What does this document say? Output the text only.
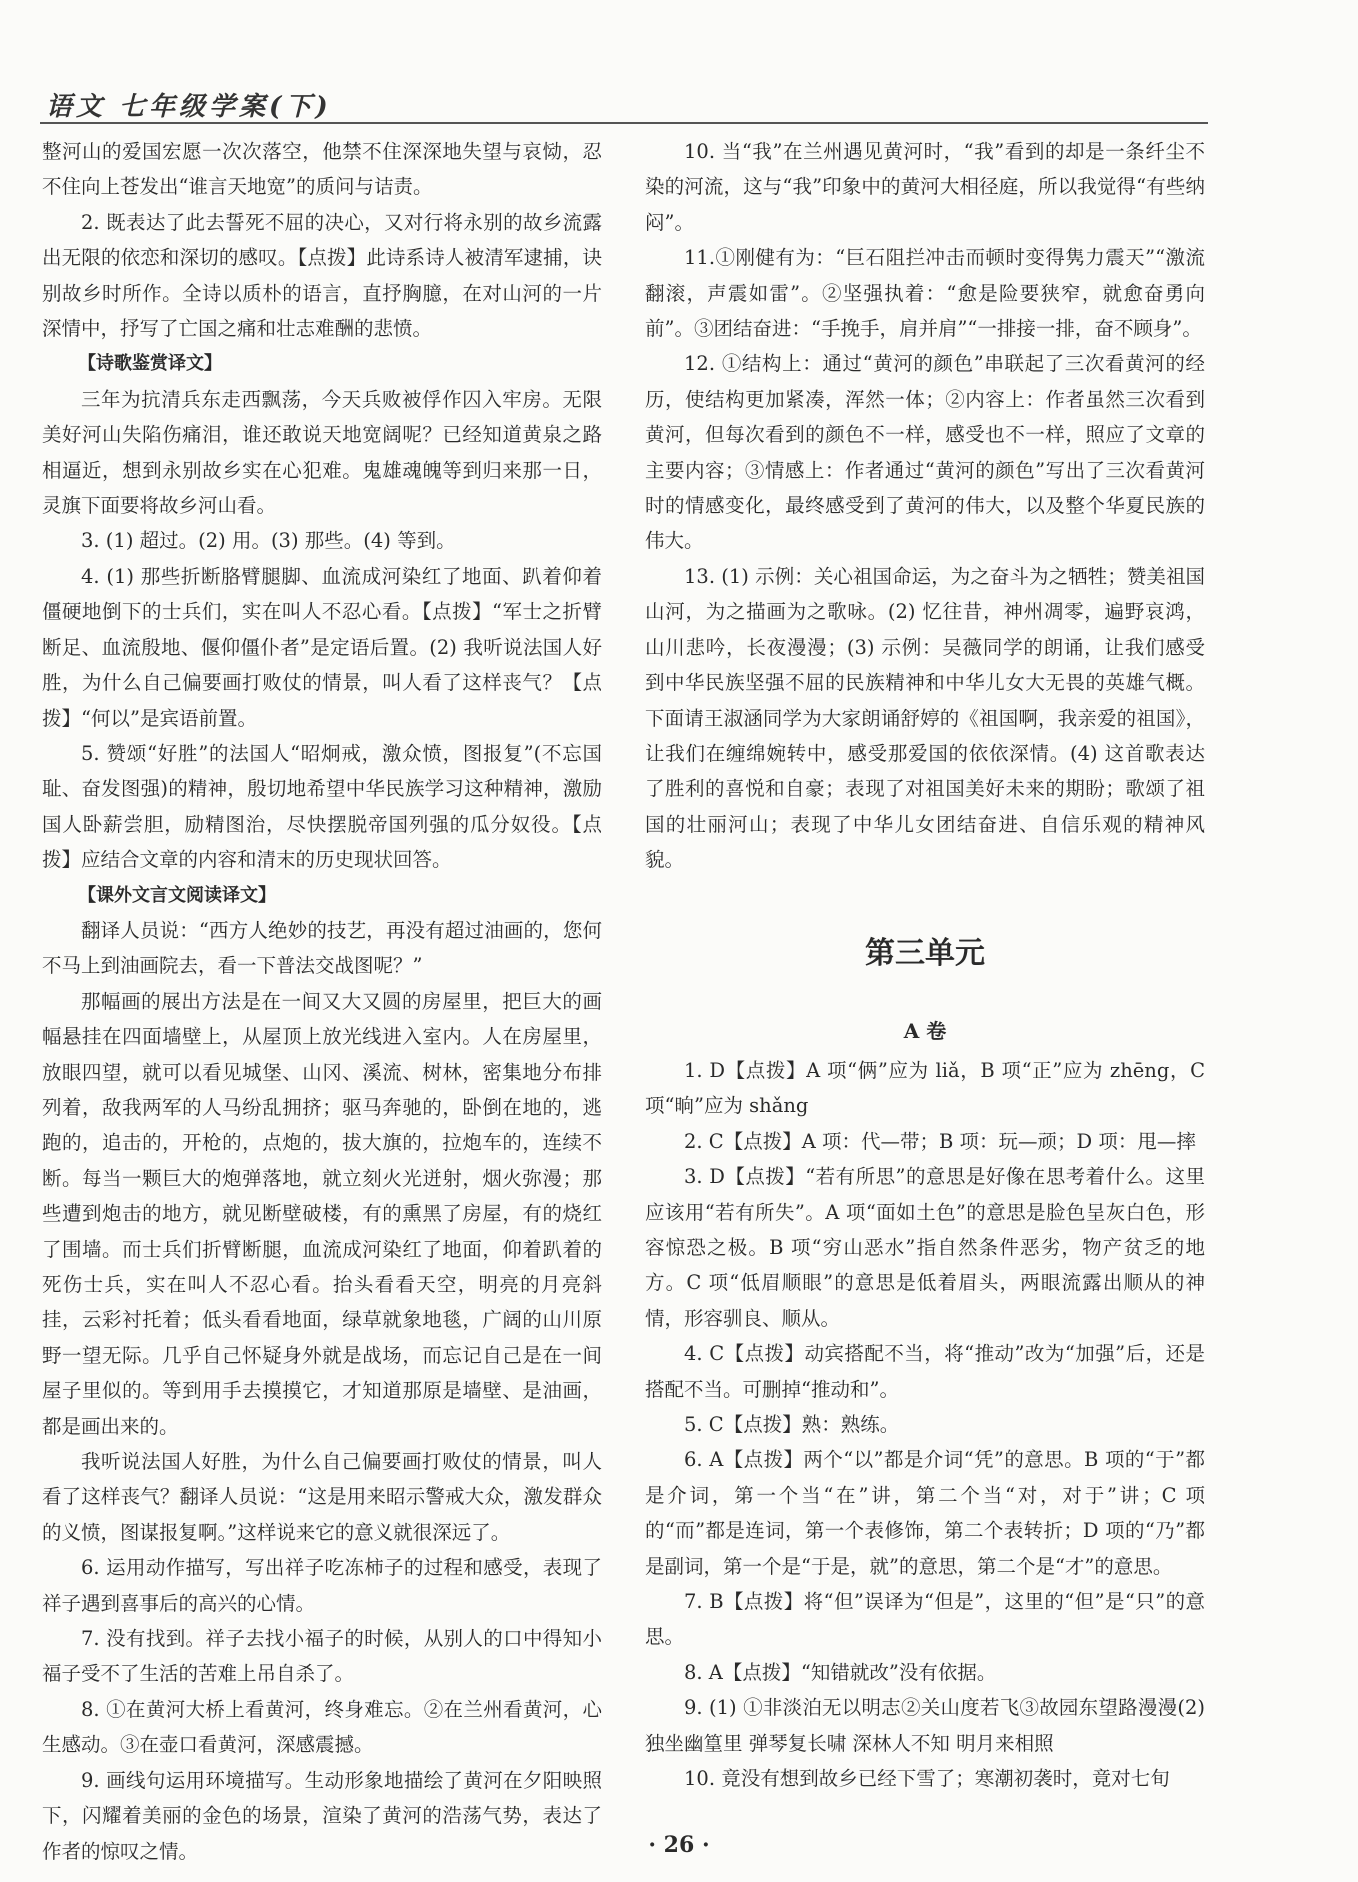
语文 七年级学案(下)

整河山的爱国宏愿一次次落空，他禁不住深深地失望与哀恸，忍不住向上苍发出“谁言天地宽”的质问与诘责。

2. 既表达了此去誓死不屈的决心，又对行将永别的故乡流露出无限的依恋和深切的感叹。【点拨】此诗系诗人被清军逮捕，诀别故乡时所作。全诗以质朴的语言，直抒胸臆，在对山河的一片深情中，抒写了亡国之痛和壮志难酬的悲愤。

【诗歌鉴赏译文】

三年为抗清兵东走西飘荡，今天兵败被俘作囚入牢房。无限美好河山失陷伤痛泪，谁还敢说天地宽阔呢？已经知道黄泉之路相逼近，想到永别故乡实在心犯难。鬼雄魂魄等到归来那一日，灵旗下面要将故乡河山看。

3. (1) 超过。(2) 用。(3) 那些。(4) 等到。

4. (1) 那些折断胳臂腿脚、血流成河染红了地面、趴着仰着僵硬地倒下的士兵们，实在叫人不忍心看。【点拨】“军士之折臂断足、血流殷地、偃仰僵仆者”是定语后置。(2) 我听说法国人好胜，为什么自己偏要画打败仗的情景，叫人看了这样丧气？【点拨】“何以”是宾语前置。

5. 赞颂“好胜”的法国人“昭炯戒，激众愤，图报复”(不忘国耻、奋发图强)的精神，殷切地希望中华民族学习这种精神，激励国人卧薪尝胆，励精图治，尽快摆脱帝国列强的瓜分奴役。【点拨】应结合文章的内容和清末的历史现状回答。

【课外文言文阅读译文】

翻译人员说：“西方人绝妙的技艺，再没有超过油画的，您何不马上到油画院去，看一下普法交战图呢？”

那幅画的展出方法是在一间又大又圆的房屋里，把巨大的画幅悬挂在四面墙壁上，从屋顶上放光线进入室内。人在房屋里，放眼四望，就可以看见城堡、山冈、溪流、树林，密集地分布排列着，敌我两军的人马纷乱拥挤；驱马奔驰的，卧倒在地的，逃跑的，追击的，开枪的，点炮的，拔大旗的，拉炮车的，连续不断。每当一颗巨大的炮弹落地，就立刻火光迸射，烟火弥漫；那些遭到炮击的地方，就见断壁破楼，有的熏黑了房屋，有的烧红了围墙。而士兵们折臂断腿，血流成河染红了地面，仰着趴着的死伤士兵，实在叫人不忍心看。抬头看看天空，明亮的月亮斜挂，云彩衬托着；低头看看地面，绿草就象地毯，广阔的山川原野一望无际。几乎自己怀疑身外就是战场，而忘记自己是在一间屋子里似的。等到用手去摸摸它，才知道那原是墙壁、是油画，都是画出来的。

我听说法国人好胜，为什么自己偏要画打败仗的情景，叫人看了这样丧气？翻译人员说：“这是用来昭示警戒大众，激发群众的义愤，图谋报复啊。”这样说来它的意义就很深远了。

6. 运用动作描写，写出祥子吃冻柿子的过程和感受，表现了祥子遇到喜事后的高兴的心情。

7. 没有找到。祥子去找小福子的时候，从别人的口中得知小福子受不了生活的苦难上吊自杀了。

8. ①在黄河大桥上看黄河，终身难忘。②在兰州看黄河，心生感动。③在壶口看黄河，深感震撼。

9. 画线句运用环境描写。生动形象地描绘了黄河在夕阳映照下，闪耀着美丽的金色的场景，渲染了黄河的浩荡气势，表达了作者的惊叹之情。

10. 当“我”在兰州遇见黄河时，“我”看到的却是一条纤尘不染的河流，这与“我”印象中的黄河大相径庭，所以我觉得“有些纳闷”。

11.①刚健有为：“巨石阻拦冲击而顿时变得隽力震天”“激流翻滚，声震如雷”。②坚强执着：“愈是险要狭窄，就愈奋勇向前”。③团结奋进：“手挽手，肩并肩”“一排接一排，奋不顾身”。

12. ①结构上：通过“黄河的颜色”串联起了三次看黄河的经历，使结构更加紧凑，浑然一体；②内容上：作者虽然三次看到黄河，但每次看到的颜色不一样，感受也不一样，照应了文章的主要内容；③情感上：作者通过“黄河的颜色”写出了三次看黄河时的情感变化，最终感受到了黄河的伟大，以及整个华夏民族的伟大。

13. (1) 示例：关心祖国命运，为之奋斗为之牺牲；赞美祖国山河，为之描画为之歌咏。(2) 忆往昔，神州凋零，遍野哀鸿，山川悲吟，长夜漫漫；(3) 示例：吴薇同学的朗诵，让我们感受到中华民族坚强不屈的民族精神和中华儿女大无畏的英雄气概。下面请王淑涵同学为大家朗诵舒婷的《祖国啊，我亲爱的祖国》，让我们在缠绵婉转中，感受那爱国的依依深情。(4) 这首歌表达了胜利的喜悦和自豪；表现了对祖国美好未来的期盼；歌颂了祖国的壮丽河山；表现了中华儿女团结奋进、自信乐观的精神风貌。

第三单元

A 卷

1. D【点拨】A 项“俩”应为 liǎ，B 项“正”应为 zhēng，C 项“晌”应为 shǎng

2. C【点拨】A 项：代—带；B 项：玩—顽；D 项：甩—摔

3. D【点拨】“若有所思”的意思是好像在思考着什么。这里应该用“若有所失”。A 项“面如土色”的意思是脸色呈灰白色，形容惊恐之极。B 项“穷山恶水”指自然条件恶劣，物产贫乏的地方。C 项“低眉顺眼”的意思是低着眉头，两眼流露出顺从的神情，形容驯良、顺从。

4. C【点拨】动宾搭配不当，将“推动”改为“加强”后，还是搭配不当。可删掉“推动和”。

5. C【点拨】熟：熟练。

6. A【点拨】两个“以”都是介词“凭”的意思。B 项的“于”都是介词，第一个当“在”讲，第二个当“对，对于”讲；C 项的“而”都是连词，第一个表修饰，第二个表转折；D 项的“乃”都是副词，第一个是“于是，就”的意思，第二个是“才”的意思。

7. B【点拨】将“但”误译为“但是”，这里的“但”是“只”的意思。

8. A【点拨】“知错就改”没有依据。

9. (1) ①非淡泊无以明志②关山度若飞③故园东望路漫漫(2) 独坐幽篁里 弹琴复长啸 深林人不知 明月来相照

10. 竟没有想到故乡已经下雪了；寒潮初袭时，竟对七旬

· 26 ·
